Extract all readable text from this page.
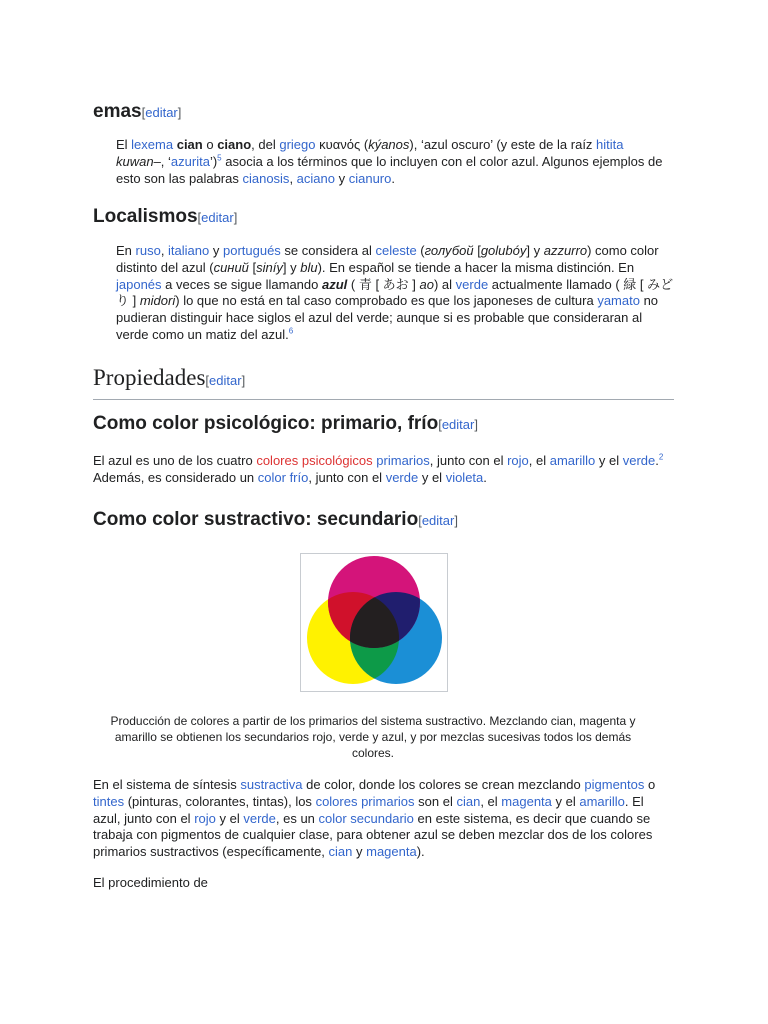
emas[editar]

El lexema cian o ciano, del griego κυανός (kýanos), ‘azul oscuro’ (y este de la raíz hitita
kuwan–, ‘azurita’)$^5$ asocia a los términos que lo incluyen con el color azul. Algunos ejemplos de esto son las palabras cianosis, aciano y cianuro.

Localismos[editar]

En ruso, italiano y portugués se considera al celeste (голубой [golubóy] y azzurro) como color distinto del azul (синий [siníy] y blu). En español se tiende a hacer la misma distinción. En japonés a veces se sigue llamando azul ( 青 [ あお ] ao) al verde actualmente llamado ( 緑 [ みどり ] midori) lo que no está en tal caso comprobado es que los japoneses de cultura yamato no pudieran distinguir hace siglos el azul del verde; aunque si es probable que consideraran al verde como un matiz del azul.$^6$

Propiedades[editar]
Como color psicológico: primario, frío[editar]

El azul es uno de los cuatro colores psicológicos primarios, junto con el rojo, el amarillo y el verde.$^2$ Además, es considerado un color frío, junto con el verde y el violeta.

Como color sustractivo: secundario[editar]
Producción de colores a partir de los primarios del sistema sustractivo. Mezclando cian, magenta y amarillo se obtienen los secundarios rojo, verde y azul, y por mezclas sucesivas todos los demás colores.

En el sistema de síntesis sustractiva de color, donde los colores se crean mezclando pigmentos o tintes (pinturas, colorantes, tintas), los colores primarios son el cian, el magenta y el amarillo. El azul, junto con el rojo y el verde, es un color secundario en este sistema, es decir que cuando se trabaja con pigmentos de cualquier clase, para obtener azul se deben mezclar dos de los colores primarios sustractivos (específicamente, cian y magenta).

El procedimiento de
